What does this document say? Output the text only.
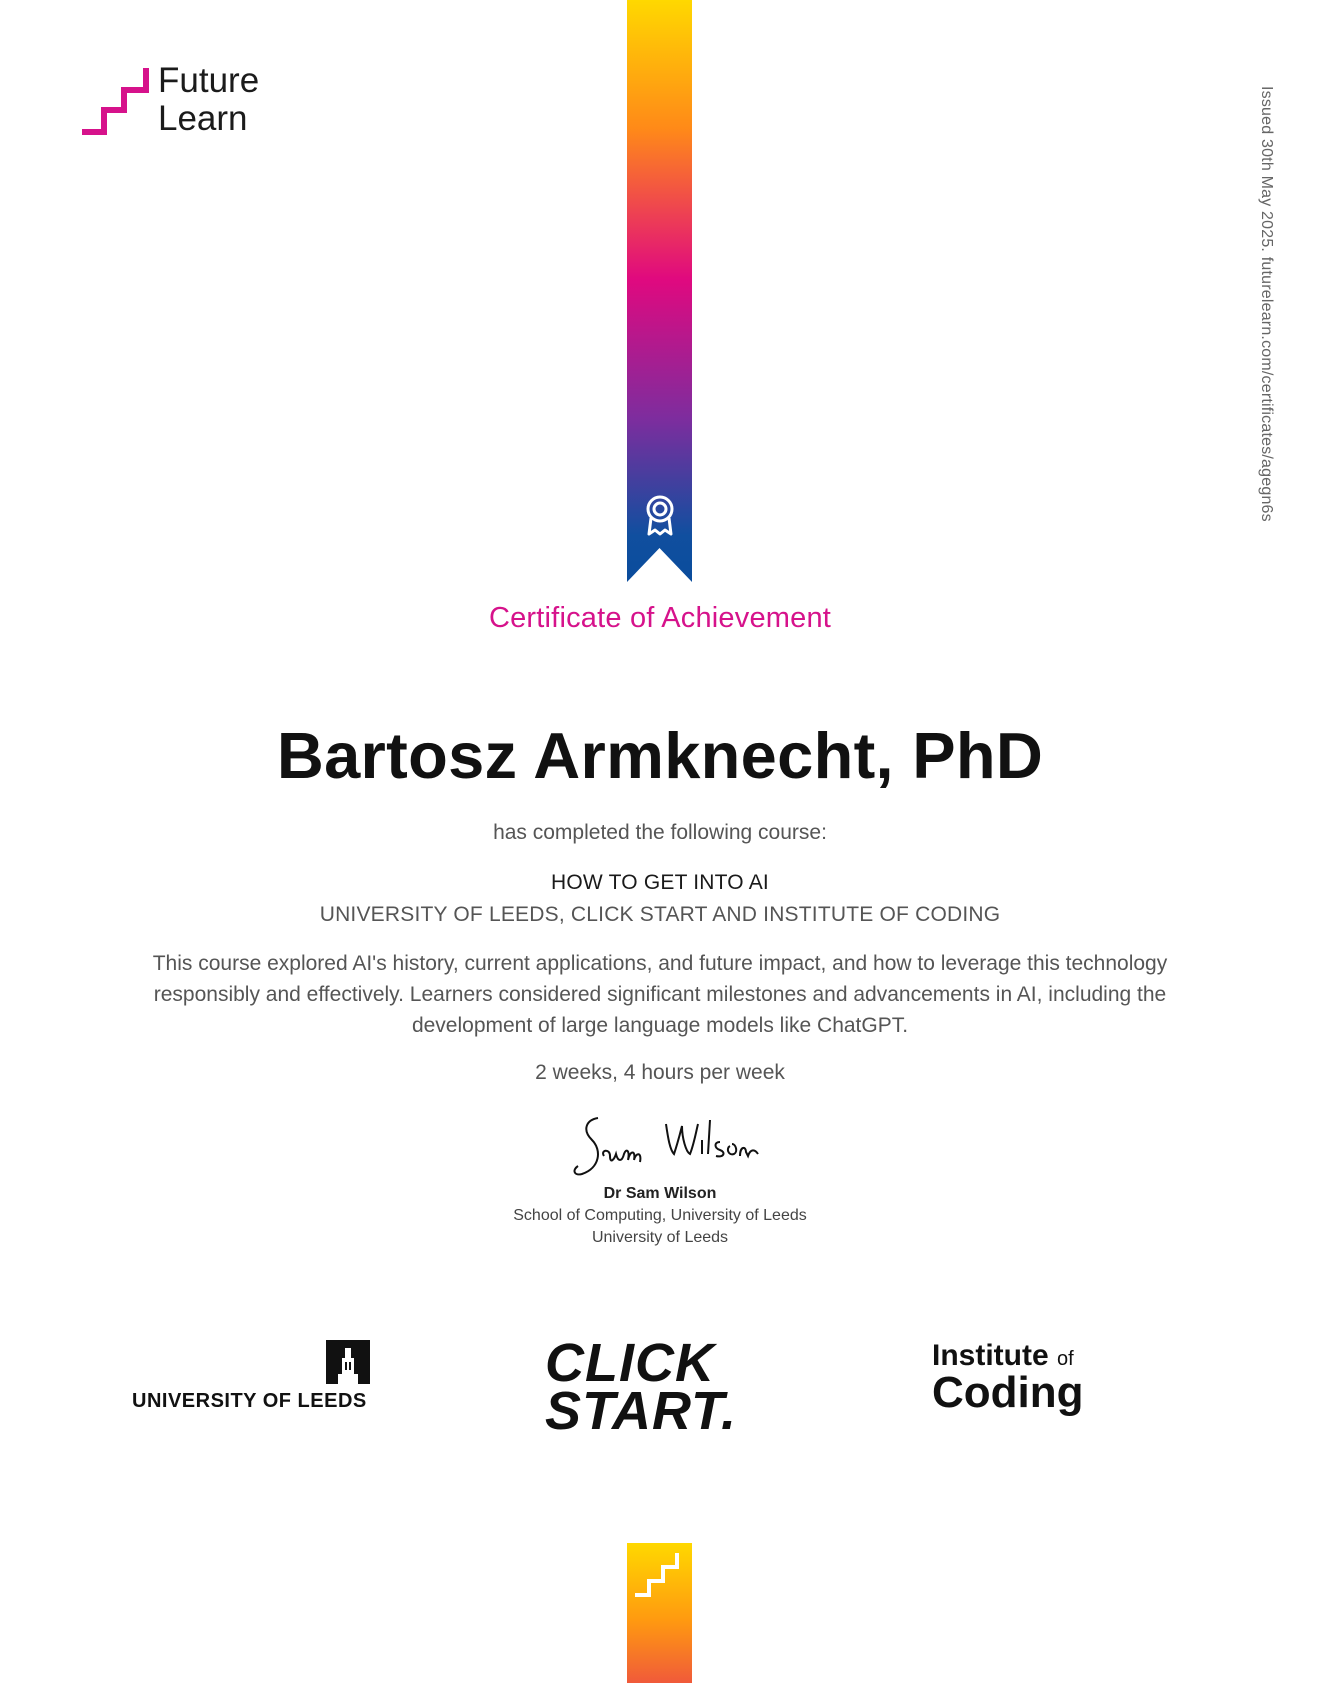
Future
Learn	Issued 30th May 2025. futurelearn.com/certificates/agegn6s
Certificate of Achievement
Bartosz Armknecht, PhD
has completed the following course:
HOW TO GET INTO AI
UNIVERSITY OF LEEDS, CLICK START AND INSTITUTE OF CODING
This course explored AI's history, current applications, and future impact, and how to leverage this technology responsibly and effectively. Learners considered significant milestones and advancements in AI, including the development of large language models like ChatGPT.
2 weeks, 4 hours per week
Dr Sam Wilson
School of Computing, University of Leeds
University of Leeds
UNIVERSITY OF LEEDS
CLICK
START.
Institute of
Coding
